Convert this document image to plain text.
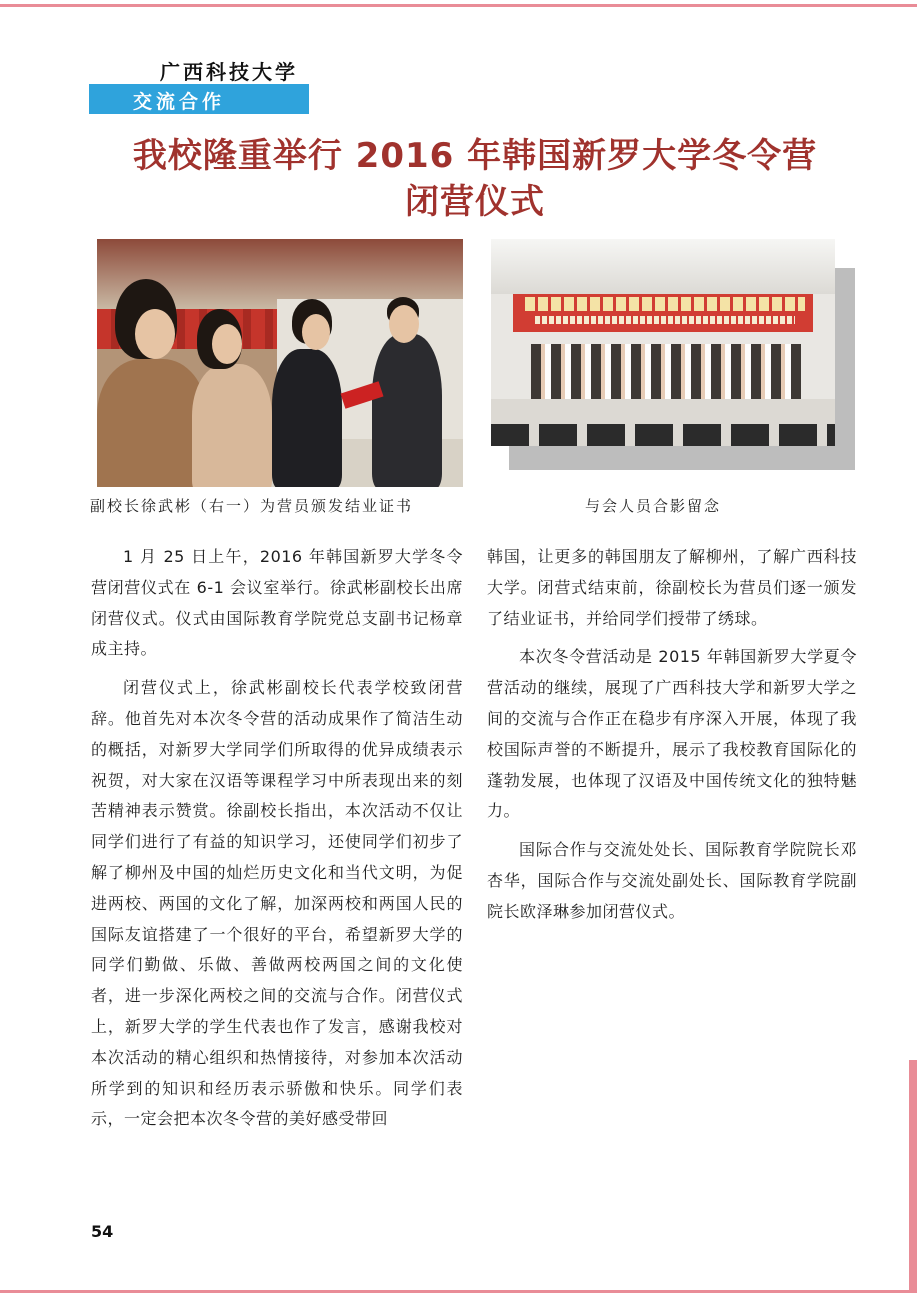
广西科技大学
交流合作
我校隆重举行 2016 年韩国新罗大学冬令营
闭营仪式
副校长徐武彬（右一）为营员颁发结业证书	与会人员合影留念

1 月 25 日上午，2016 年韩国新罗大学冬令营闭营仪式在 6-1 会议室举行。徐武彬副校长出席闭营仪式。仪式由国际教育学院党总支副书记杨章成主持。

闭营仪式上，徐武彬副校长代表学校致闭营辞。他首先对本次冬令营的活动成果作了简洁生动的概括，对新罗大学同学们所取得的优异成绩表示祝贺，对大家在汉语等课程学习中所表现出来的刻苦精神表示赞赏。徐副校长指出，本次活动不仅让同学们进行了有益的知识学习，还使同学们初步了解了柳州及中国的灿烂历史文化和当代文明，为促进两校、两国的文化了解，加深两校和两国人民的国际友谊搭建了一个很好的平台，希望新罗大学的同学们勤做、乐做、善做两校两国之间的文化使者，进一步深化两校之间的交流与合作。闭营仪式上，新罗大学的学生代表也作了发言，感谢我校对本次活动的精心组织和热情接待，对参加本次活动所学到的知识和经历表示骄傲和快乐。同学们表示，一定会把本次冬令营的美好感受带回

韩国，让更多的韩国朋友了解柳州，了解广西科技大学。闭营式结束前，徐副校长为营员们逐一颁发了结业证书，并给同学们授带了绣球。

本次冬令营活动是 2015 年韩国新罗大学夏令营活动的继续，展现了广西科技大学和新罗大学之间的交流与合作正在稳步有序深入开展，体现了我校国际声誉的不断提升，展示了我校教育国际化的蓬勃发展，也体现了汉语及中国传统文化的独特魅力。

国际合作与交流处处长、国际教育学院院长邓杏华，国际合作与交流处副处长、国际教育学院副院长欧泽琳参加闭营仪式。

54
